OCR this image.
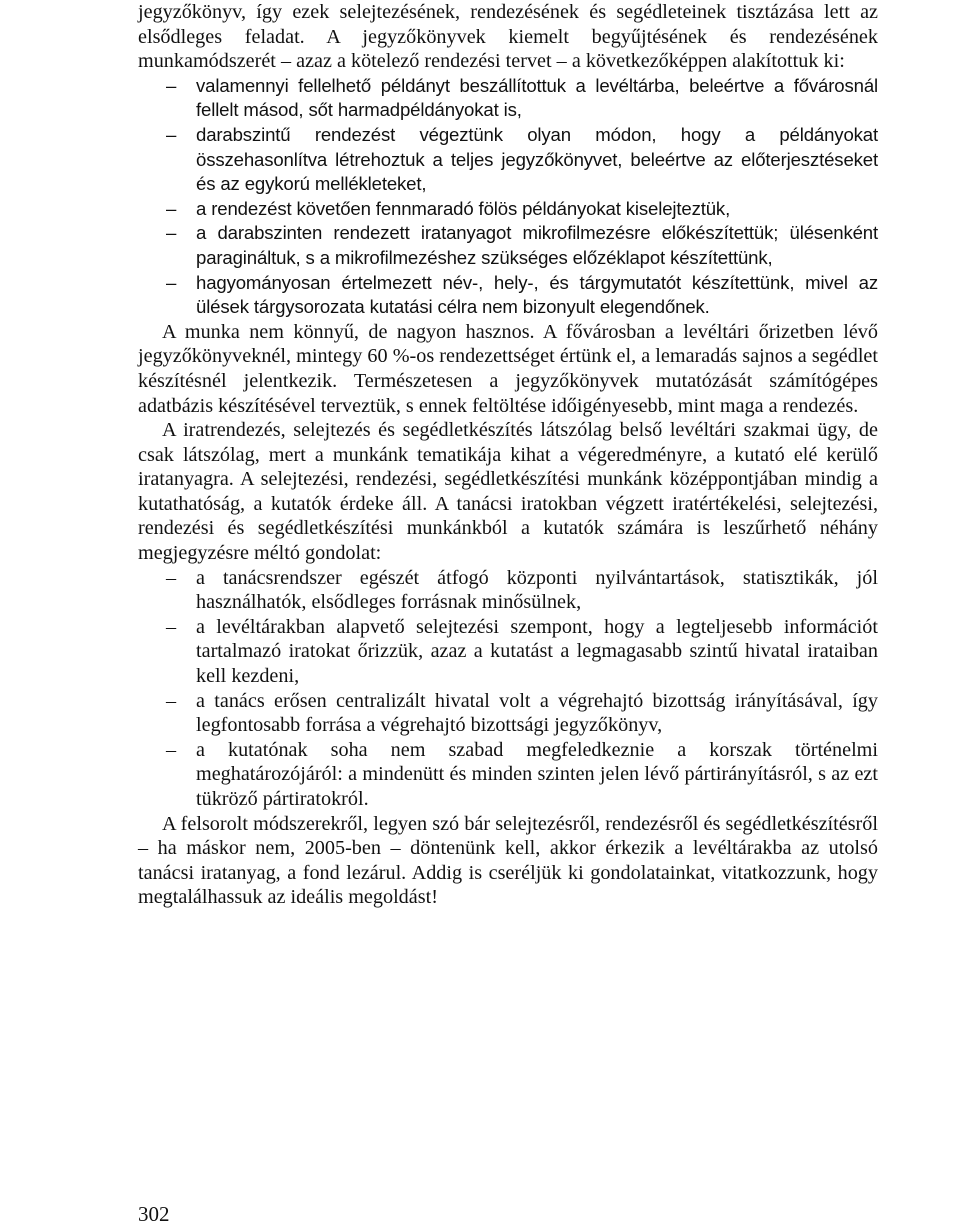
jegyzőkönyv, így ezek selejtezésének, rendezésének és segédleteinek tisztázása lett az elsődleges feladat. A jegyzőkönyvek kiemelt begyűjtésének és rendezésének munkamódszerét – azaz a kötelező rendezési tervet – a következőképpen alakítottuk ki:

– valamennyi fellelhető példányt beszállítottuk a levéltárba, beleértve a fővárosnál fellelt másod, sőt harmadpéldányokat is,
– darabszintű rendezést végeztünk olyan módon, hogy a példányokat összehasonlítva létrehoztuk a teljes jegyzőkönyvet, beleértve az előterjesztéseket és az egykorú mellékleteket,
– a rendezést követően fennmaradó fölös példányokat kiselejteztük,
– a darabszinten rendezett iratanyagot mikrofilmezésre előkészítettük; ülésenként paragináltuk, s a mikrofilmezéshez szükséges előzéklapot készítettünk,
– hagyományosan értelmezett név-, hely-, és tárgymutatót készítettünk, mivel az ülések tárgysorozata kutatási célra nem bizonyult elegendőnek.

A munka nem könnyű, de nagyon hasznos. A fővárosban a levéltári őrizetben lévő jegyzőkönyveknél, mintegy 60 %-os rendezettséget értünk el, a lemaradás sajnos a segédlet készítésnél jelentkezik. Természetesen a jegyzőkönyvek mutatózását számítógépes adatbázis készítésével terveztük, s ennek feltöltése időigényesebb, mint maga a rendezés.

A iratrendezés, selejtezés és segédletkészítés látszólag belső levéltári szakmai ügy, de csak látszólag, mert a munkánk tematikája kihat a végeredményre, a kutató elé kerülő iratanyagra. A selejtezési, rendezési, segédletkészítési munkánk középpontjában mindig a kutathatóság, a kutatók érdeke áll. A tanácsi iratokban végzett iratértékelési, selejtezési, rendezési és segédletkészítési munkánkból a kutatók számára is leszűrhető néhány megjegyzésre méltó gondolat:

– a tanácsrendszer egészét átfogó központi nyilvántartások, statisztikák, jól használhatók, elsődleges forrásnak minősülnek,
– a levéltárakban alapvető selejtezési szempont, hogy a legteljesebb információt tartalmazó iratokat őrizzük, azaz a kutatást a legmagasabb szintű hivatal irataiban kell kezdeni,
– a tanács erősen centralizált hivatal volt a végrehajtó bizottság irányításával, így legfontosabb forrása a végrehajtó bizottsági jegyzőkönyv,
– a kutatónak soha nem szabad megfeledkeznie a korszak történelmi meghatározójáról: a mindenütt és minden szinten jelen lévő pártirányításról, s az ezt tükröző pártiratokról.

A felsorolt módszerekről, legyen szó bár selejtezésről, rendezésről és segédletkészítésről – ha máskor nem, 2005-ben – döntenünk kell, akkor érkezik a levéltárakba az utolsó tanácsi iratanyag, a fond lezárul. Addig is cseréljük ki gondolatainkat, vitatkozzunk, hogy megtalálhassuk az ideális megoldást!

302
